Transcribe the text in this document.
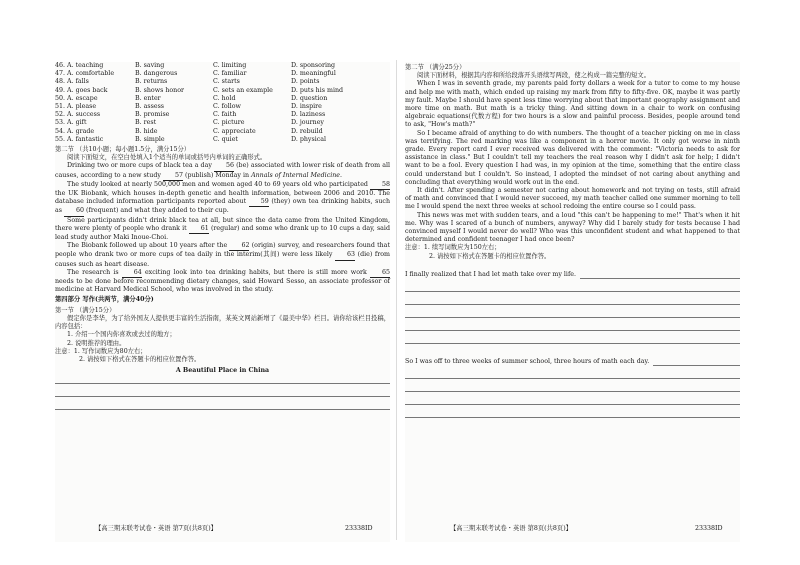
46. A. teaching	B. saving	C. limiting	D. sponsoring
47. A. comfortable	B. dangerous	C. familiar	D. meaningful
48. A. falls	B. returns	C. starts	D. points
49. A. goes back	B. shows honor	C. sets an example	D. puts his mind
50. A. escape	B. enter	C. hold	D. question
51. A. please	B. assess	C. follow	D. inspire
52. A. success	B. promise	C. faith	D. laziness
53. A. gift	B. rest	C. picture	D. journey
54. A. grade	B. hide	C. appreciate	D. rebuild
55. A. fantastic	B. simple	C. quiet	D. physical
第二节 （共10小题；每小题1.5分，满分15分）
阅读下面短文，在空白处填入1个适当的单词或括号内单词的正确形式。

Drinking two or more cups of black tea a day 56 (be) associated with lower risk of death from all causes, according to a new study 57 (publish) Monday in Annals of Internal Medicine.

The study looked at nearly 500,000 men and women aged 40 to 69 years old who participated 58 the UK Biobank, which houses in-depth genetic and health information, between 2006 and 2010. The database included information participants reported about 59 (they) own tea drinking habits, such as 60 (frequent) and what they added to their cup.

Some participants didn't drink black tea at all, but since the data came from the United Kingdom, there were plenty of people who drank it 61 (regular) and some who drank up to 10 cups a day, said lead study author Maki Inoue-Choi.

The Biobank followed up about 10 years after the 62 (origin) survey, and researchers found that people who drank two or more cups of tea daily in the interim(其间) were less likely 63 (die) from causes such as heart disease.

The research is 64 exciting look into tea drinking habits, but there is still more work 65 needs to be done before recommending dietary changes, said Howard Sesso, an associate professor of medicine at Harvard Medical School, who was involved in the study.

第四部分 写作(共两节，满分40分)
第一节 （满分15分）
假定你是李华，为了给外国友人提供更丰富的生活指南，某英文网站新增了《最美中华》栏目。请你给该栏目投稿，内容包括：
1. 介绍一个国内你喜欢或去过的地方；
2. 说明推荐的理由。
注意：1. 写作词数应为80左右；
2. 请按如下格式在答题卡的相应位置作答。
A Beautiful Place in China
【高三期末联考试卷・英语 第7页(共8页)】	23338ID
第二节 （满分25分）
阅读下面材料，根据其内容和所给段落开头语续写两段，使之构成一篇完整的短文。

When I was in seventh grade, my parents paid forty dollars a week for a tutor to come to my house and help me with math, which ended up raising my mark from fifty to fifty-five. OK, maybe it was partly my fault. Maybe I should have spent less time worrying about that important geography assignment and more time on math. But math is a tricky thing. And sitting down in a chair to work on confusing algebraic equations(代数方程) for two hours is a slow and painful process. Besides, people around tend to ask, "How's math?"

So I became afraid of anything to do with numbers. The thought of a teacher picking on me in class was terrifying. The red marking was like a component in a horror movie. It only got worse in ninth grade. Every report card I ever received was delivered with the comment: "Victoria needs to ask for assistance in class." But I couldn't tell my teachers the real reason why I didn't ask for help; I didn't want to be a fool. Every question I had was, in my opinion at the time, something that the entire class could understand but I couldn't. So instead, I adopted the mindset of not caring about anything and concluding that everything would work out in the end.

It didn't. After spending a semester not caring about homework and not trying on tests, still afraid of math and convinced that I would never succeed, my math teacher called one summer morning to tell me I would spend the next three weeks at school redoing the entire course so I could pass.

This news was met with sudden tears, and a loud "this can't be happening to me!" That's when it hit me. Why was I scared of a bunch of numbers, anyway? Why did I barely study for tests because I had convinced myself I would never do well? Who was this unconfident student and what happened to that determined and confident teenager I had once been?

注意：1. 续写词数应为150左右；
2. 请按如下格式在答题卡的相应位置作答。
I finally realized that I had let math take over my life.
So I was off to three weeks of summer school, three hours of math each day.
【高三期末联考试卷・英语 第8页(共8页)】	23338ID
